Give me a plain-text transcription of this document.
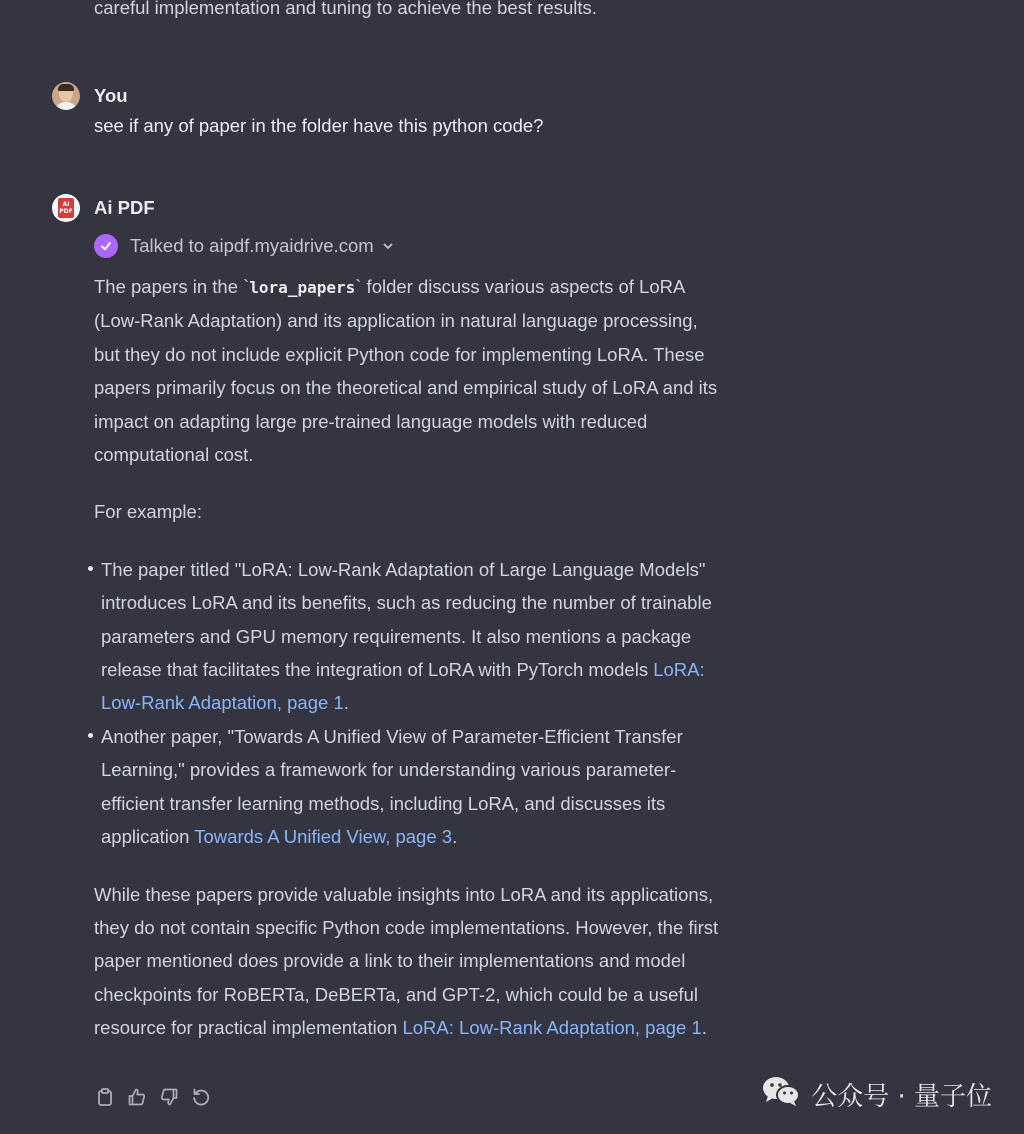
careful implementation and tuning to achieve the best results.
You
see if any of paper in the folder have this python code?
AI PDF Ai PDF
Talked to aipdf.myaidrive.com

The papers in the `lora_papers` folder discuss various aspects of LoRA (Low-Rank Adaptation) and its application in natural language processing, but they do not include explicit Python code for implementing LoRA. These papers primarily focus on the theoretical and empirical study of LoRA and its impact on adapting large pre-trained language models with reduced computational cost.

For example:

The paper titled "LoRA: Low-Rank Adaptation of Large Language Models" introduces LoRA and its benefits, such as reducing the number of trainable parameters and GPU memory requirements. It also mentions a package release that facilitates the integration of LoRA with PyTorch models LoRA: Low-Rank Adaptation, page 1.
Another paper, "Towards A Unified View of Parameter-Efficient Transfer Learning," provides a framework for understanding various parameter-efficient transfer learning methods, including LoRA, and discusses its application Towards A Unified View, page 3.

While these papers provide valuable insights into LoRA and its applications, they do not contain specific Python code implementations. However, the first paper mentioned does provide a link to their implementations and model checkpoints for RoBERTa, DeBERTa, and GPT-2, which could be a useful resource for practical implementation LoRA: Low-Rank Adaptation, page 1.

公众号 · 量子位
